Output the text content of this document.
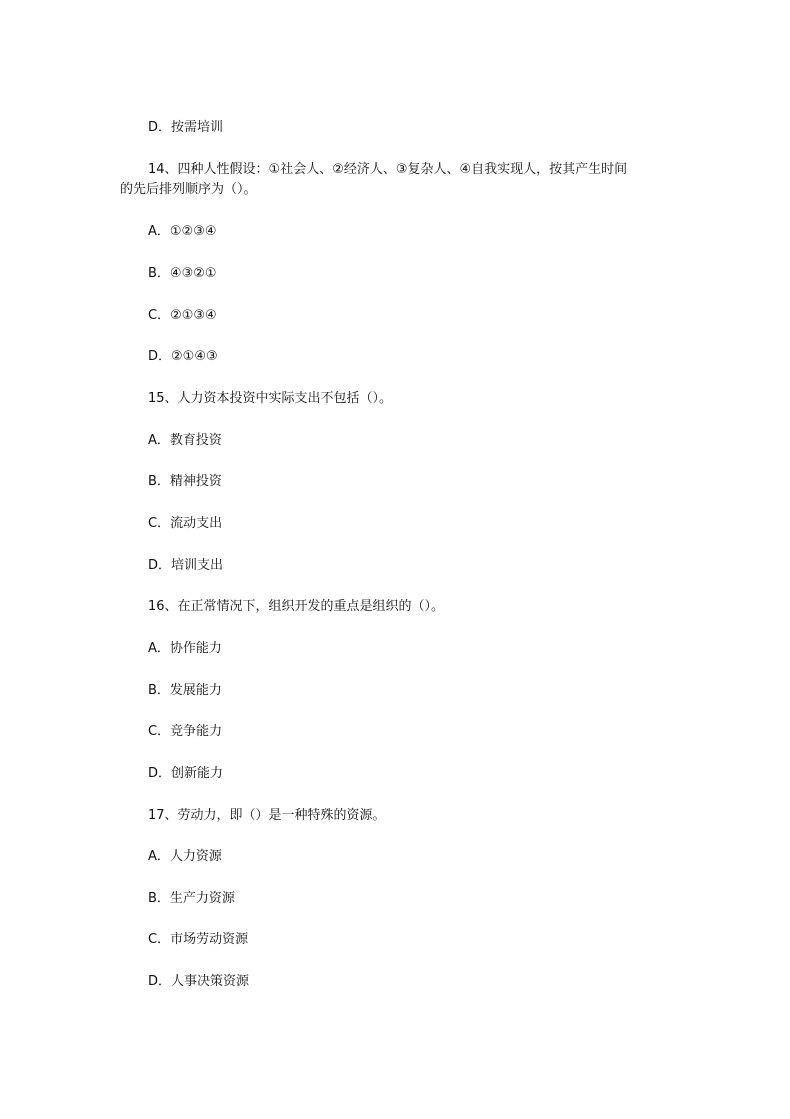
D．按需培训
14、四种人性假设：①社会人、②经济人、③复杂人、④自我实现人，按其产生时间
的先后排列顺序为（）。
A．①②③④
B．④③②①
C．②①③④
D．②①④③
15、人力资本投资中实际支出不包括（）。
A．教育投资
B．精神投资
C．流动支出
D．培训支出
16、在正常情况下，组织开发的重点是组织的（）。
A．协作能力
B．发展能力
C．竞争能力
D．创新能力
17、劳动力，即（）是一种特殊的资源。
A．人力资源
B．生产力资源
C．市场劳动资源
D．人事决策资源
